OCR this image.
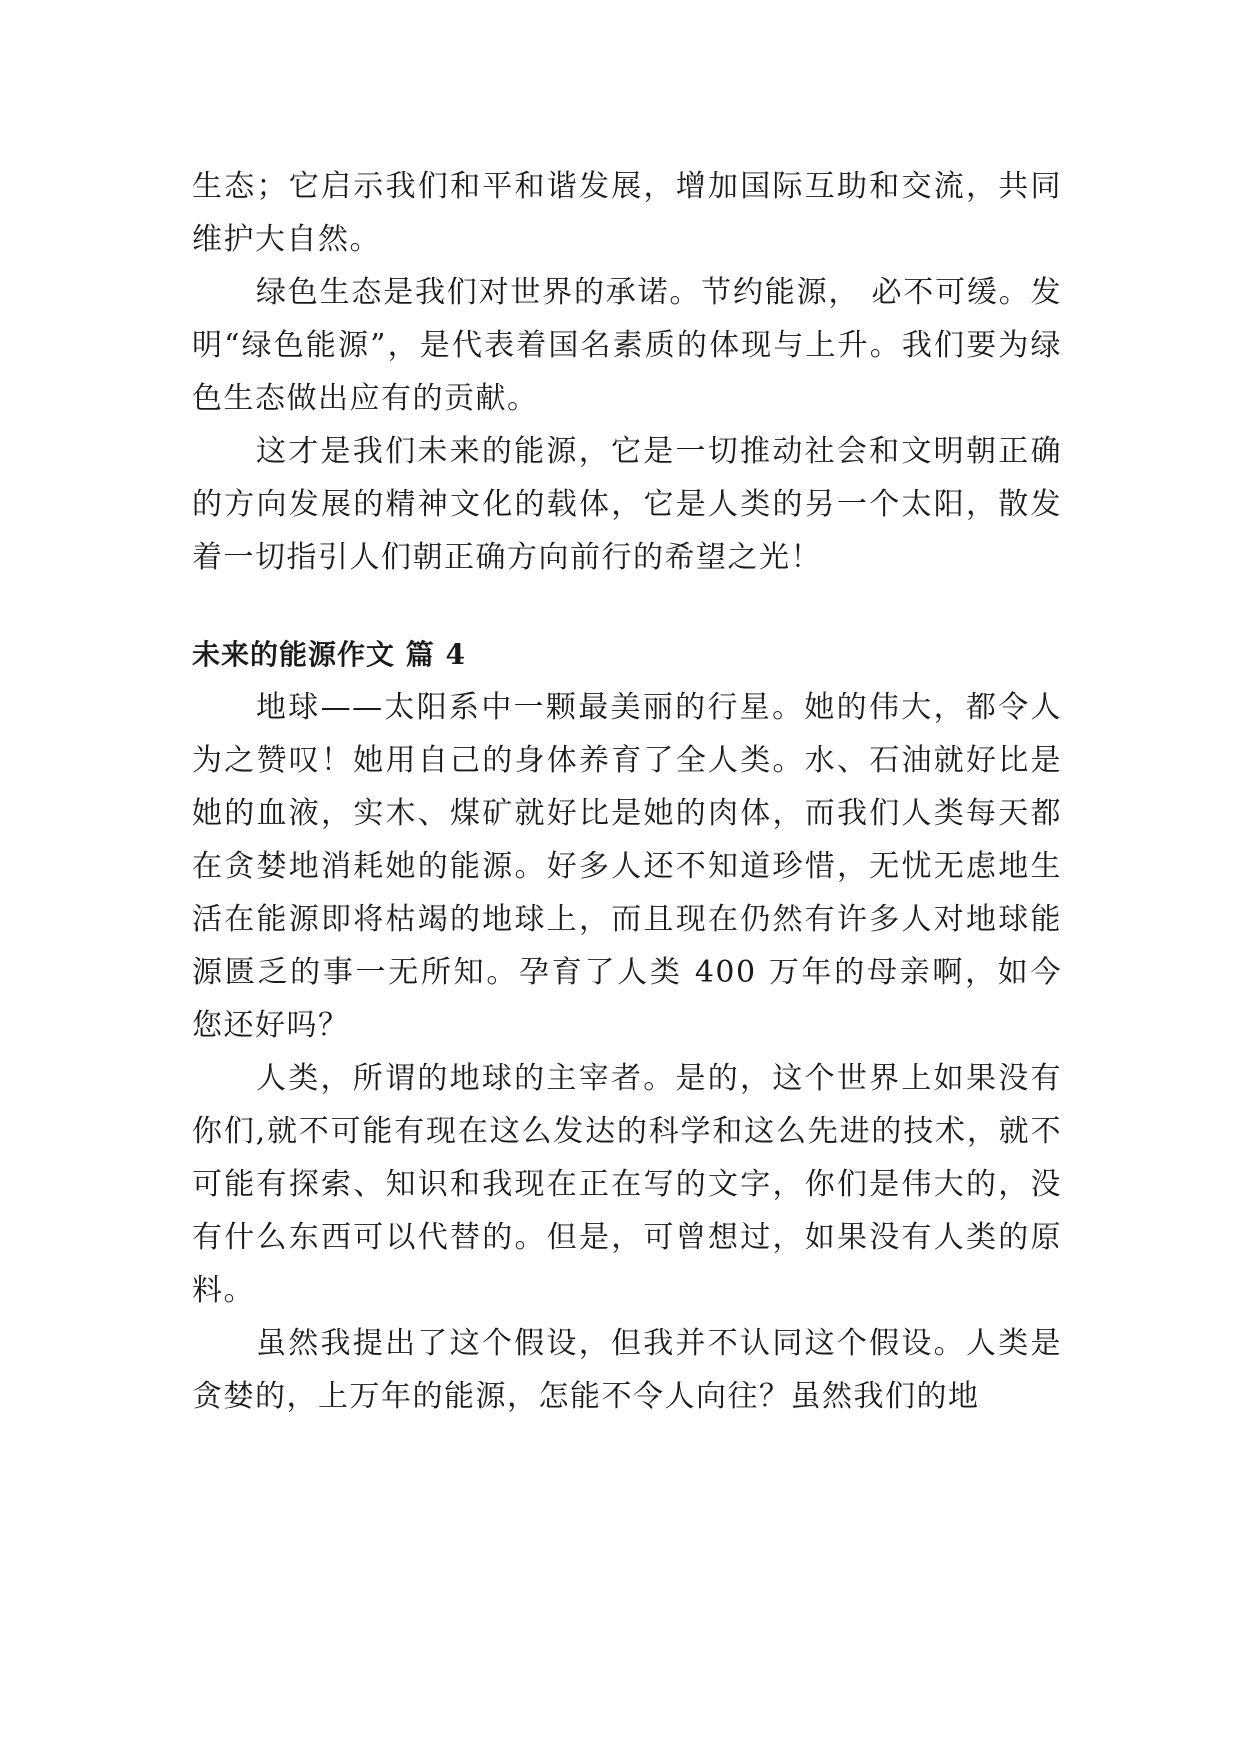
生态；它启示我们和平和谐发展，增加国际互助和交流，共同维护大自然。

绿色生态是我们对世界的承诺。节约能源， 必不可缓。发明“绿色能源”，是代表着国名素质的体现与上升。我们要为绿色生态做出应有的贡献。

这才是我们未来的能源，它是一切推动社会和文明朝正确的方向发展的精神文化的载体，它是人类的另一个太阳，散发着一切指引人们朝正确方向前行的希望之光！

未来的能源作文 篇 4

地球——太阳系中一颗最美丽的行星。她的伟大，都令人为之赞叹！她用自己的身体养育了全人类。水、石油就好比是她的血液，实木、煤矿就好比是她的肉体，而我们人类每天都在贪婪地消耗她的能源。好多人还不知道珍惜，无忧无虑地生活在能源即将枯竭的地球上，而且现在仍然有许多人对地球能源匮乏的事一无所知。孕育了人类 400 万年的母亲啊，如今您还好吗？

人类，所谓的地球的主宰者。是的，这个世界上如果没有你们,就不可能有现在这么发达的科学和这么先进的技术，就不可能有探索、知识和我现在正在写的文字，你们是伟大的，没有什么东西可以代替的。但是，可曾想过，如果没有人类的原料。

虽然我提出了这个假设，但我并不认同这个假设。人类是贪婪的，上万年的能源，怎能不令人向往？虽然我们的地
